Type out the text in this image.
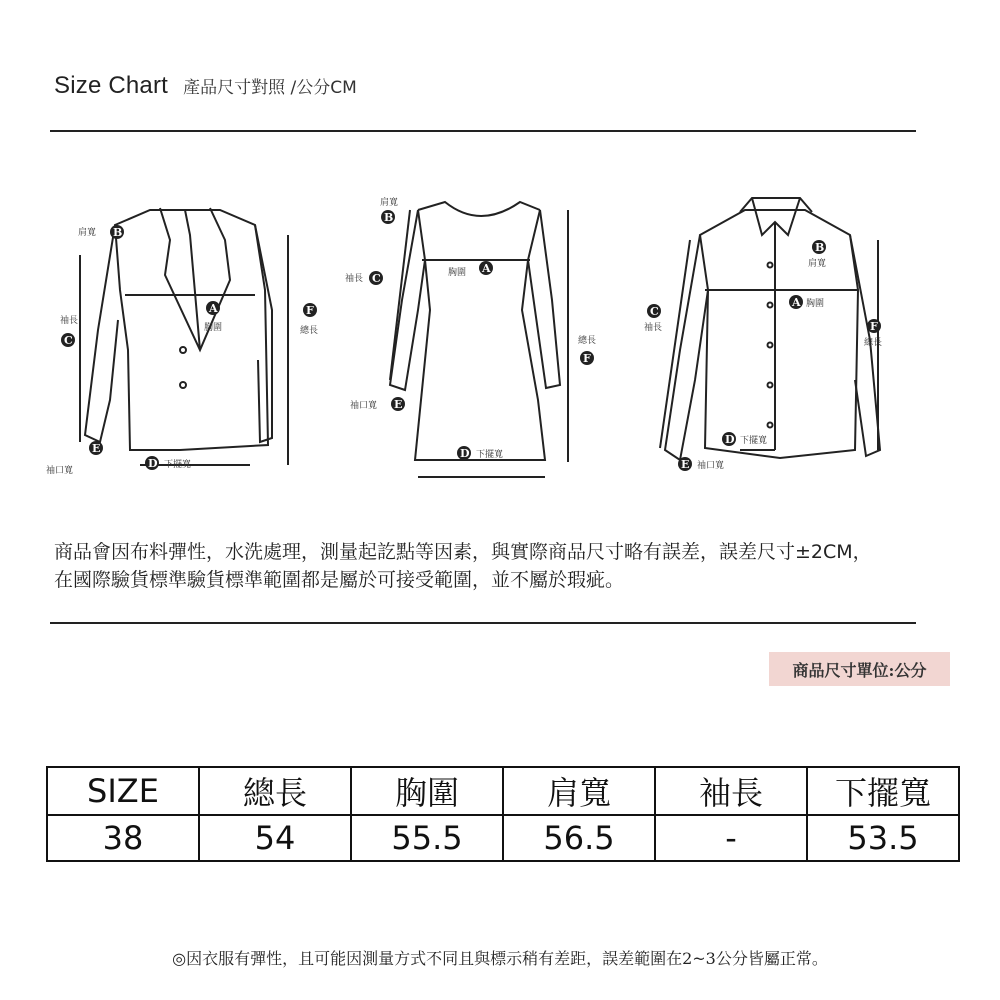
Size Chart 產品尺寸對照 /公分CM
肩寬 B
袖長
C
A
胸圍
F
總長
E
袖口寬
D 下擺寬
肩寬
B
袖長 C	胸圍 A
總長
F
袖口寬 E
D 下擺寬
B
肩寬
C
袖長
A 胸圍
F
總長
D 下擺寬
E 袖口寬
商品會因布料彈性，水洗處理，測量起訖點等因素，與實際商品尺寸略有誤差，誤差尺寸±2CM，
在國際驗貨標準驗貨標準範圍都是屬於可接受範圍，並不屬於瑕疵。
商品尺寸單位:公分
SIZE	總長	胸圍	肩寬	袖長	下擺寬
38	54	55.5	56.5	-	53.5
◎因衣服有彈性，且可能因測量方式不同且與標示稍有差距，誤差範圍在2~3公分皆屬正常。
